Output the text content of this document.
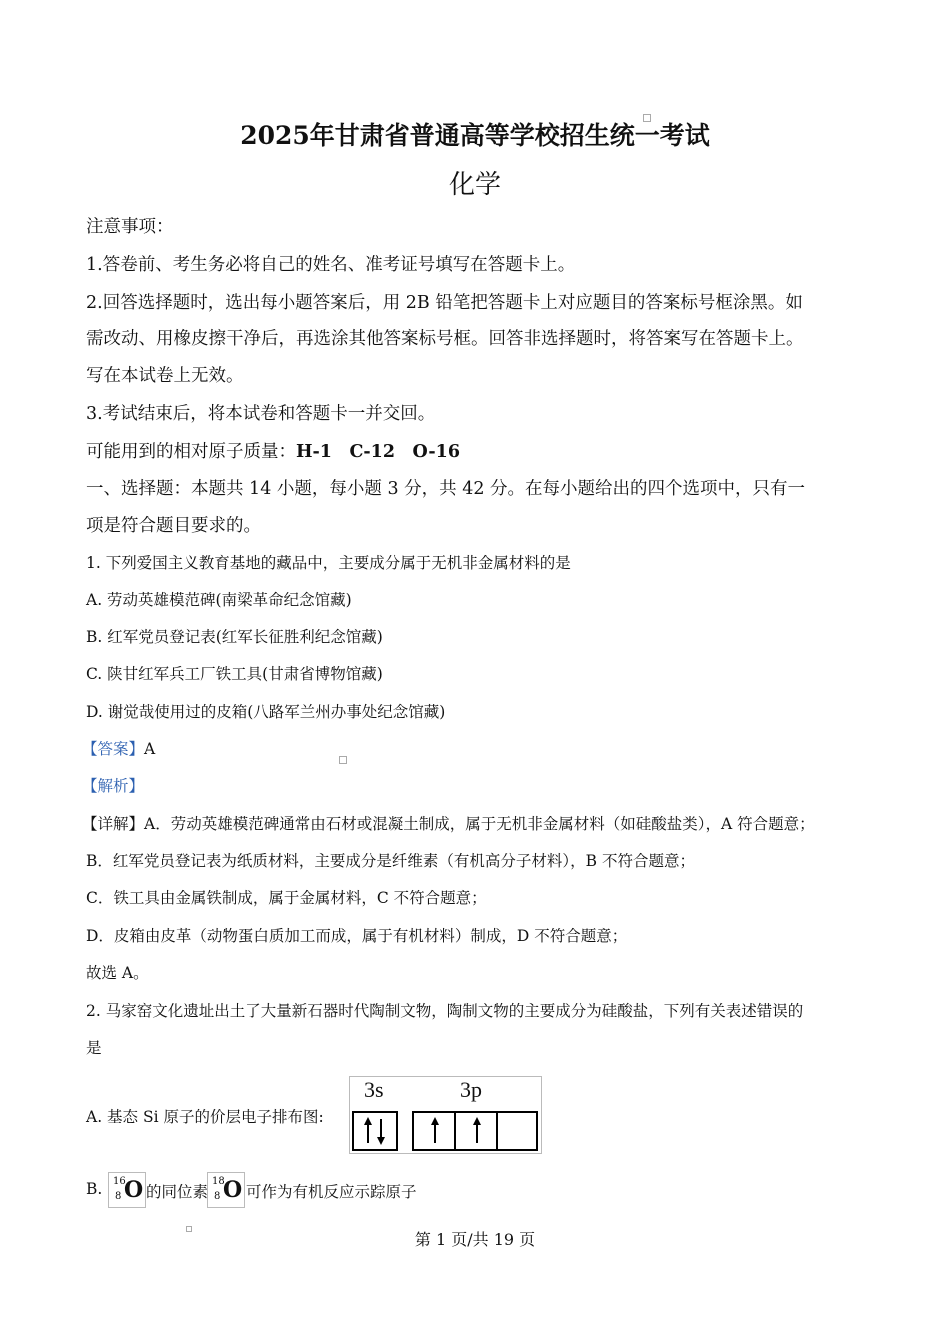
2025年甘肃省普通高等学校招生统一考试
化学
注意事项：
1.答卷前、考生务必将自己的姓名、准考证号填写在答题卡上。
2.回答选择题时，选出每小题答案后，用 2B 铅笔把答题卡上对应题目的答案标号框涂黑。如
需改动、用橡皮擦干净后，再选涂其他答案标号框。回答非选择题时，将答案写在答题卡上。
写在本试卷上无效。
3.考试结束后，将本试卷和答题卡一并交回。
可能用到的相对原子质量：H-1　C-12　O-16
一、选择题：本题共 14 小题，每小题 3 分，共 42 分。在每小题给出的四个选项中，只有一
项是符合题目要求的。
1. 下列爱国主义教育基地的藏品中，主要成分属于无机非金属材料的是
A. 劳动英雄模范碑(南梁革命纪念馆藏)
B. 红军党员登记表(红军长征胜利纪念馆藏)
C. 陕甘红军兵工厂铁工具(甘肃省博物馆藏)
D. 谢觉哉使用过的皮箱(八路军兰州办事处纪念馆藏)
【答案】A
【解析】
【详解】A．劳动英雄模范碑通常由石材或混凝土制成，属于无机非金属材料（如硅酸盐类），A 符合题意；
B．红军党员登记表为纸质材料，主要成分是纤维素（有机高分子材料），B 不符合题意；
C．铁工具由金属铁制成，属于金属材料，C 不符合题意；
D．皮箱由皮革（动物蛋白质加工而成，属于有机材料）制成，D 不符合题意；
故选 A。
2. 马家窑文化遗址出土了大量新石器时代陶制文物，陶制文物的主要成分为硅酸盐，下列有关表述错误的
是
A. 基态 Si 原子的价层电子排布图:
3s	3p
B.	16
8 O 的同位素
18
8 O 可作为有机反应示踪原子
第 1 页/共 19 页
